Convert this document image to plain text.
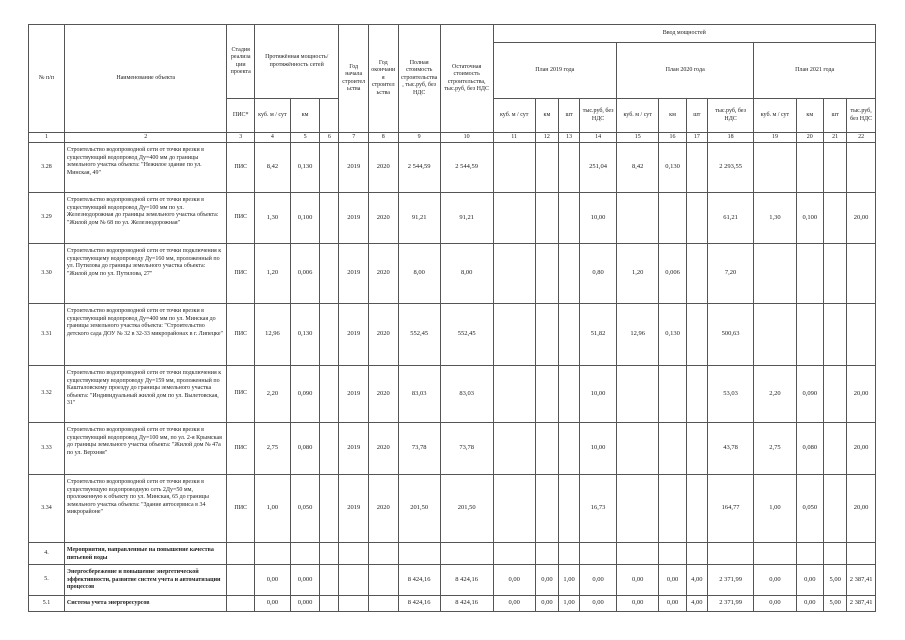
№ п/п	Наименование объекта	Стадия реализации проекта	Протяжённая мощность/ протяжённость сетей			Год начала строительства	Год окончания строительства	Полная стоимость строительства, тыс.руб, без НДС	Остаточная стоимость строительства, тыс.руб, без НДС	Ввод мощностей											
										План 2019 года				План 2020 года				План 2021 года			
		ПИС*	куб. м / сут	км						куб. м / сут	км	шт	тыс.руб, без НДС	куб. м / сут	км	шт	тыс.руб, без НДС	куб. м / сут	км	шт	тыс.руб, без НДС
1	2	3	4	5	6	7	8	9	10	11	12	13	14	15	16	17	18	19	20	21	22
3.28	Строительство водопроводной сети от точки врезки в существующий водопровод Ду=400 мм до границы земельного участка объекта: "Нежилое здание по ул. Минская, 49"	ПИС	8,42	0,130		2019	2020	2 544,59	2 544,59				251,04	8,42	0,130		2 293,55				
3.29	Строительство водопроводной сети от точки врезки в существующий водопровод Ду=100 мм по ул. Железнодорожная до границы земельного участка объекта: "Жилой дом № 68 по ул. Железнодорожная"	ПИС	1,30	0,100		2019	2020	91,21	91,21				10,00				61,21	1,30	0,100		20,00
3.30	Строительство водопроводной сети от точки подключения к существующему водопроводу Ду=160 мм, проложенный по ул. Путилова до границы земельного участка объекта: "Жилой дом по ул. Путилова, 27"	ПИС	1,20	0,006		2019	2020	8,00	8,00				0,80	1,20	0,006		7,20				
3.31	Строительство водопроводной сети от точки врезки в существующий водопровод Ду=400 мм по ул. Минская до границы земельного участка объекта: "Строительство детского сада ДОУ № 32 в 32-33 микрорайонах в г. Липецке"	ПИС	12,96	0,130		2019	2020	552,45	552,45				51,82	12,96	0,130		500,63				
3.32	Строительство водопроводной сети от точки подключения к существующему водопроводу Ду=159 мм, проложенный по Кашталовскому проезду до границы земельного участка объекта: "Индивидуальный жилой дом по ул. Вылетовская, 31"	ПИС	2,20	0,090		2019	2020	83,03	83,03				10,00				53,03	2,20	0,090		20,00
3.33	Строительство водопроводной сети от точки врезки в существующий водопровод Ду=100 мм, по ул. 2-я Крымская до границы земельного участка объекта: "Жилой дом № 47а по ул. Верхняя"	ПИС	2,75	0,080		2019	2020	73,78	73,78				10,00				43,78	2,75	0,080		20,00
3.34	Строительство водопроводной сети от точки врезки в существующую водопроводную сеть 2Ду=50 мм, проложенную к объекту по ул. Минская, 65 до границы земельного участка объекта: "Здание автосервиса в 34 микрорайоне"	ПИС	1,00	0,050		2019	2020	201,50	201,50				16,73				164,77	1,00	0,050		20,00
4.	Мероприятия, направленные на повышение качества питьевой воды																				
5.	Энергосбережение и повышение энергетической эффективности, развитие систем учета и автоматизации процессов		0,00	0,000				8 424,16	8 424,16	0,00	0,00	1,00	0,00	0,00	0,00	4,00	2 371,99	0,00	0,00	5,00	2 387,41
5.1	Система учета энергоресурсов		0,00	0,000				8 424,16	8 424,16	0,00	0,00	1,00	0,00	0,00	0,00	4,00	2 371,99	0,00	0,00	5,00	2 387,41
